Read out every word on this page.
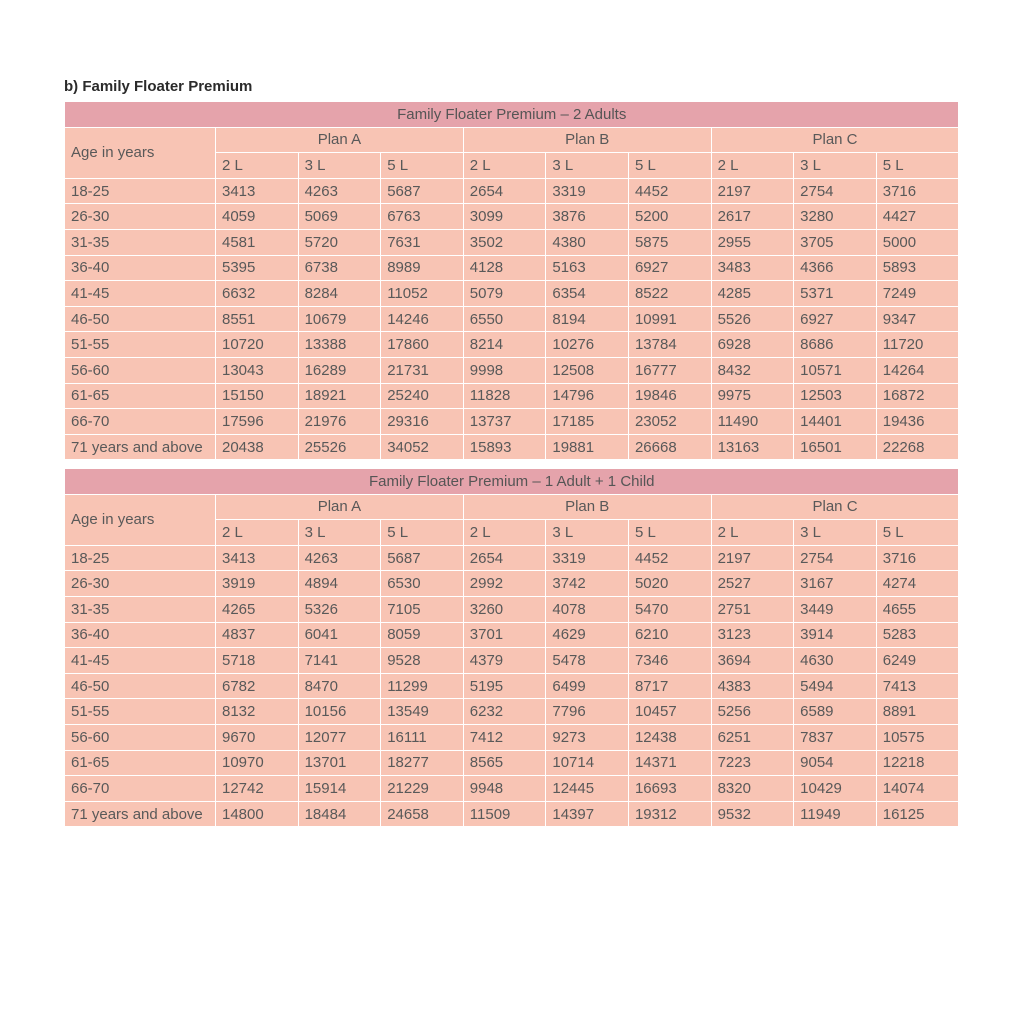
b) Family Floater Premium
Family Floater Premium – 2 Adults									
Age in years	Plan A			Plan B			Plan C		
	2 L	3 L	5 L	2 L	3 L	5 L	2 L	3 L	5 L
18-25	3413	4263	5687	2654	3319	4452	2197	2754	3716
26-30	4059	5069	6763	3099	3876	5200	2617	3280	4427
31-35	4581	5720	7631	3502	4380	5875	2955	3705	5000
36-40	5395	6738	8989	4128	5163	6927	3483	4366	5893
41-45	6632	8284	11052	5079	6354	8522	4285	5371	7249
46-50	8551	10679	14246	6550	8194	10991	5526	6927	9347
51-55	10720	13388	17860	8214	10276	13784	6928	8686	11720
56-60	13043	16289	21731	9998	12508	16777	8432	10571	14264
61-65	15150	18921	25240	11828	14796	19846	9975	12503	16872
66-70	17596	21976	29316	13737	17185	23052	11490	14401	19436
71 years and above	20438	25526	34052	15893	19881	26668	13163	16501	22268
Family Floater Premium – 1 Adult + 1 Child									
Age in years	Plan A			Plan B			Plan C		
	2 L	3 L	5 L	2 L	3 L	5 L	2 L	3 L	5 L
18-25	3413	4263	5687	2654	3319	4452	2197	2754	3716
26-30	3919	4894	6530	2992	3742	5020	2527	3167	4274
31-35	4265	5326	7105	3260	4078	5470	2751	3449	4655
36-40	4837	6041	8059	3701	4629	6210	3123	3914	5283
41-45	5718	7141	9528	4379	5478	7346	3694	4630	6249
46-50	6782	8470	11299	5195	6499	8717	4383	5494	7413
51-55	8132	10156	13549	6232	7796	10457	5256	6589	8891
56-60	9670	12077	16111	7412	9273	12438	6251	7837	10575
61-65	10970	13701	18277	8565	10714	14371	7223	9054	12218
66-70	12742	15914	21229	9948	12445	16693	8320	10429	14074
71 years and above	14800	18484	24658	11509	14397	19312	9532	11949	16125
